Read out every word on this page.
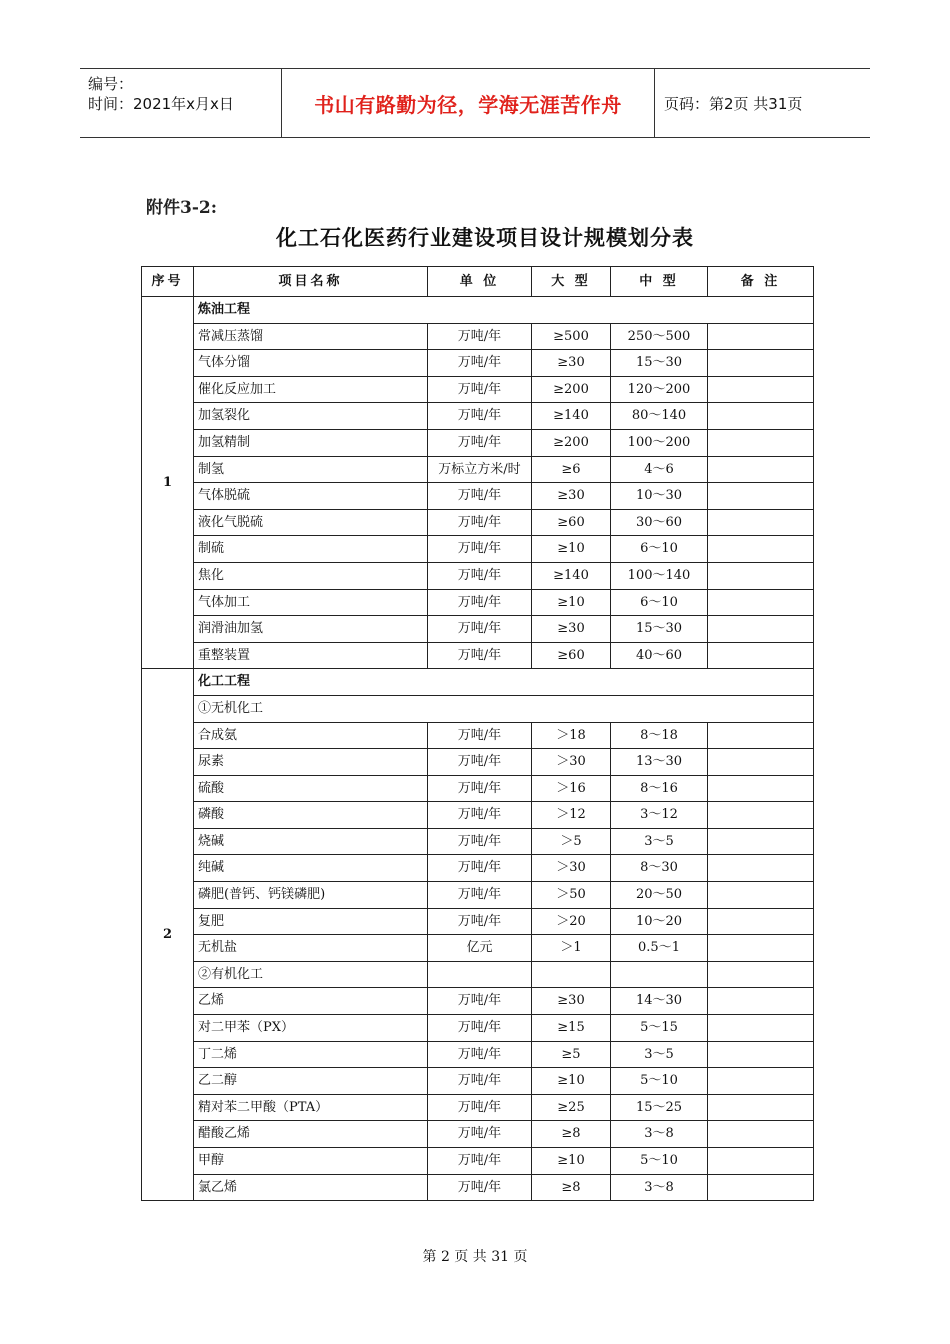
编号：
时间：2021年x月x日	书山有路勤为径，学海无涯苦作舟	页码：第2页 共31页
附件3-2:
化工石化医药行业建设项目设计规模划分表
序号	项目名称	单 位	大 型	中 型	备 注
1	炼油工程				
	常减压蒸馏	万吨/年	≥500	250～500	
	气体分馏	万吨/年	≥30	15～30	
	催化反应加工	万吨/年	≥200	120～200	
	加氢裂化	万吨/年	≥140	80～140	
	加氢精制	万吨/年	≥200	100～200	
	制氢	万标立方米/时	≥6	4～6	
	气体脱硫	万吨/年	≥30	10～30	
	液化气脱硫	万吨/年	≥60	30～60	
	制硫	万吨/年	≥10	6～10	
	焦化	万吨/年	≥140	100～140	
	气体加工	万吨/年	≥10	6～10	
	润滑油加氢	万吨/年	≥30	15～30	
	重整装置	万吨/年	≥60	40～60	
2	化工工程				
	①无机化工				
	合成氨	万吨/年	＞18	8～18	
	尿素	万吨/年	＞30	13～30	
	硫酸	万吨/年	＞16	8～16	
	磷酸	万吨/年	＞12	3～12	
	烧碱	万吨/年	＞5	3～5	
	纯碱	万吨/年	＞30	8～30	
	磷肥(普钙、钙镁磷肥)	万吨/年	＞50	20～50	
	复肥	万吨/年	＞20	10～20	
	无机盐	亿元	＞1	0.5～1	
	②有机化工				
	乙烯	万吨/年	≥30	14～30	
	对二甲苯（PX）	万吨/年	≥15	5～15	
	丁二烯	万吨/年	≥5	3～5	
	乙二醇	万吨/年	≥10	5～10	
	精对苯二甲酸（PTA）	万吨/年	≥25	15～25	
	醋酸乙烯	万吨/年	≥8	3～8	
	甲醇	万吨/年	≥10	5～10	
	氯乙烯	万吨/年	≥8	3～8	
第 2 页 共 31 页
